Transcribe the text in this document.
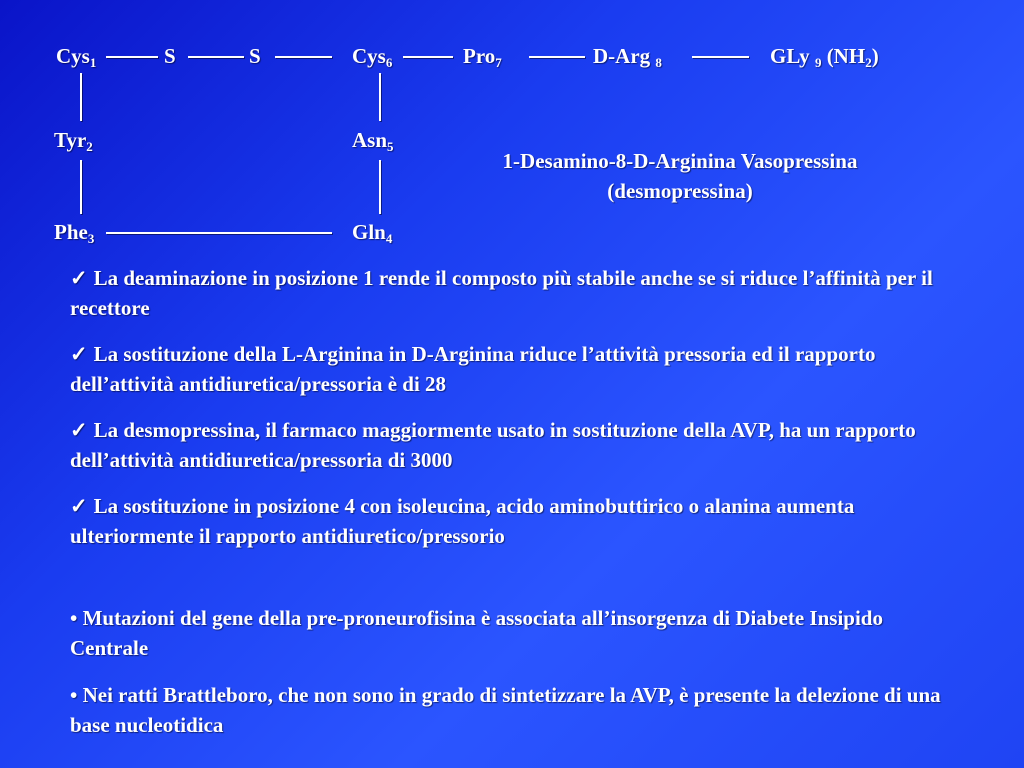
Cys$_1$	S	S	Cys$_6$	Pro$_7$	D-Arg $_8$	GLy $_9$ $(NH_2)$
Tyr$_2$	Asn$_5$
Phe$_3$	Gln$_4$
1-Desamino-8-D-Arginina Vasopressina
(desmopressina)
✓ La deaminazione in posizione 1 rende il composto più stabile anche se si riduce l’affinità per il recettore
✓ La sostituzione della L-Arginina in D-Arginina riduce l’attività pressoria ed il rapporto dell’attività antidiuretica/pressoria è di 28
✓ La desmopressina, il farmaco maggiormente usato in sostituzione della AVP, ha un rapporto dell’attività antidiuretica/pressoria di 3000
✓ La sostituzione in posizione 4 con isoleucina, acido aminobuttirico o alanina aumenta ulteriormente il rapporto antidiuretico/pressorio
• Mutazioni del gene della pre-proneurofisina è associata all’insorgenza di Diabete Insipido Centrale
• Nei ratti Brattleboro, che non sono in grado di sintetizzare la AVP, è presente la delezione di una base nucleotidica
